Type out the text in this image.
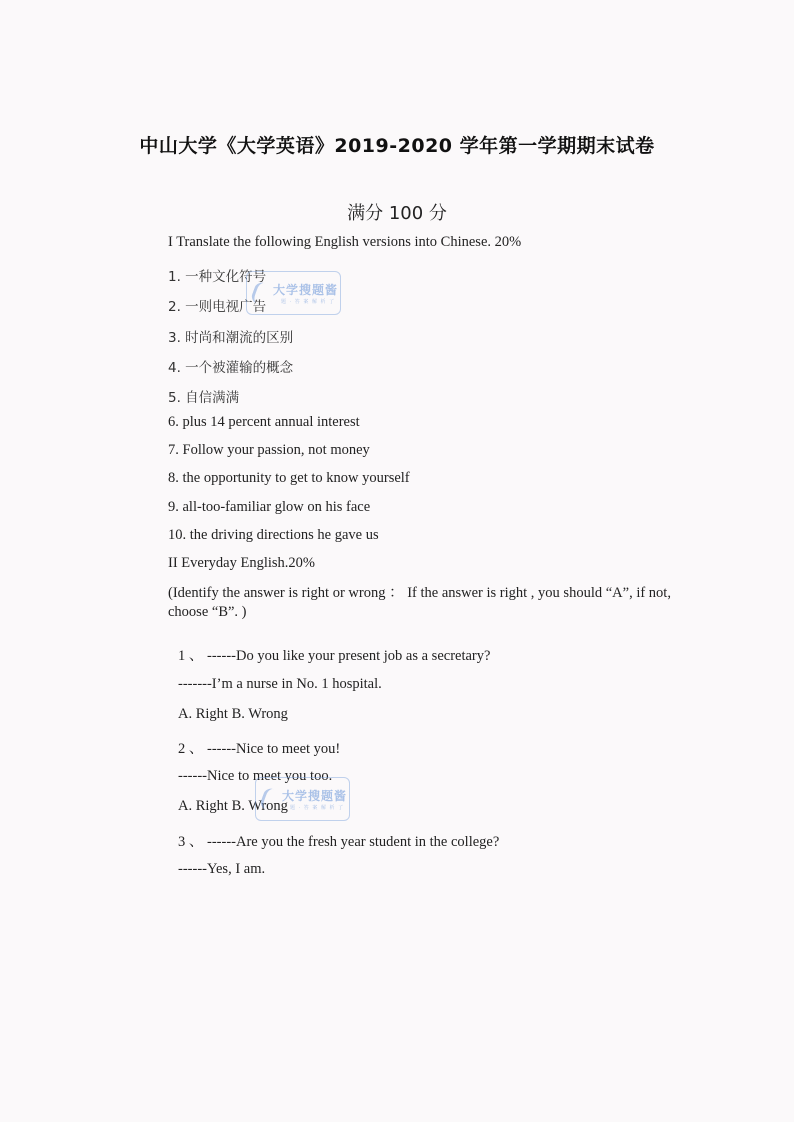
中山大学《大学英语》2019-2020 学年第一学期期末试卷
满分 100 分
I Translate the following English versions into Chinese. 20%
1. 一种文化符号
2. 一则电视广告
3. 时尚和潮流的区别
4. 一个被灌输的概念
5. 自信满满
6. plus 14 percent annual interest
7. Follow your passion, not money
8. the opportunity to get to know yourself
9. all-too-familiar glow on his face
10. the driving directions he gave us
II Everyday English.20%
(Identify the answer is right or wrong ： If the answer is right , you should “A”, if not, choose “B”. )
1 、 ------Do you like your present job as a secretary?
-------I’m a nurse in No. 1 hospital.
A. Right B. Wrong
2 、 ------Nice to meet you!
------Nice to meet you too.
A. Right B. Wrong
3 、 ------Are you the fresh year student in the college?
------Yes, I am.
大学搜题酱
题 · 答 案 解 析 了
大学搜题酱
题 · 答 案 解 析 了
